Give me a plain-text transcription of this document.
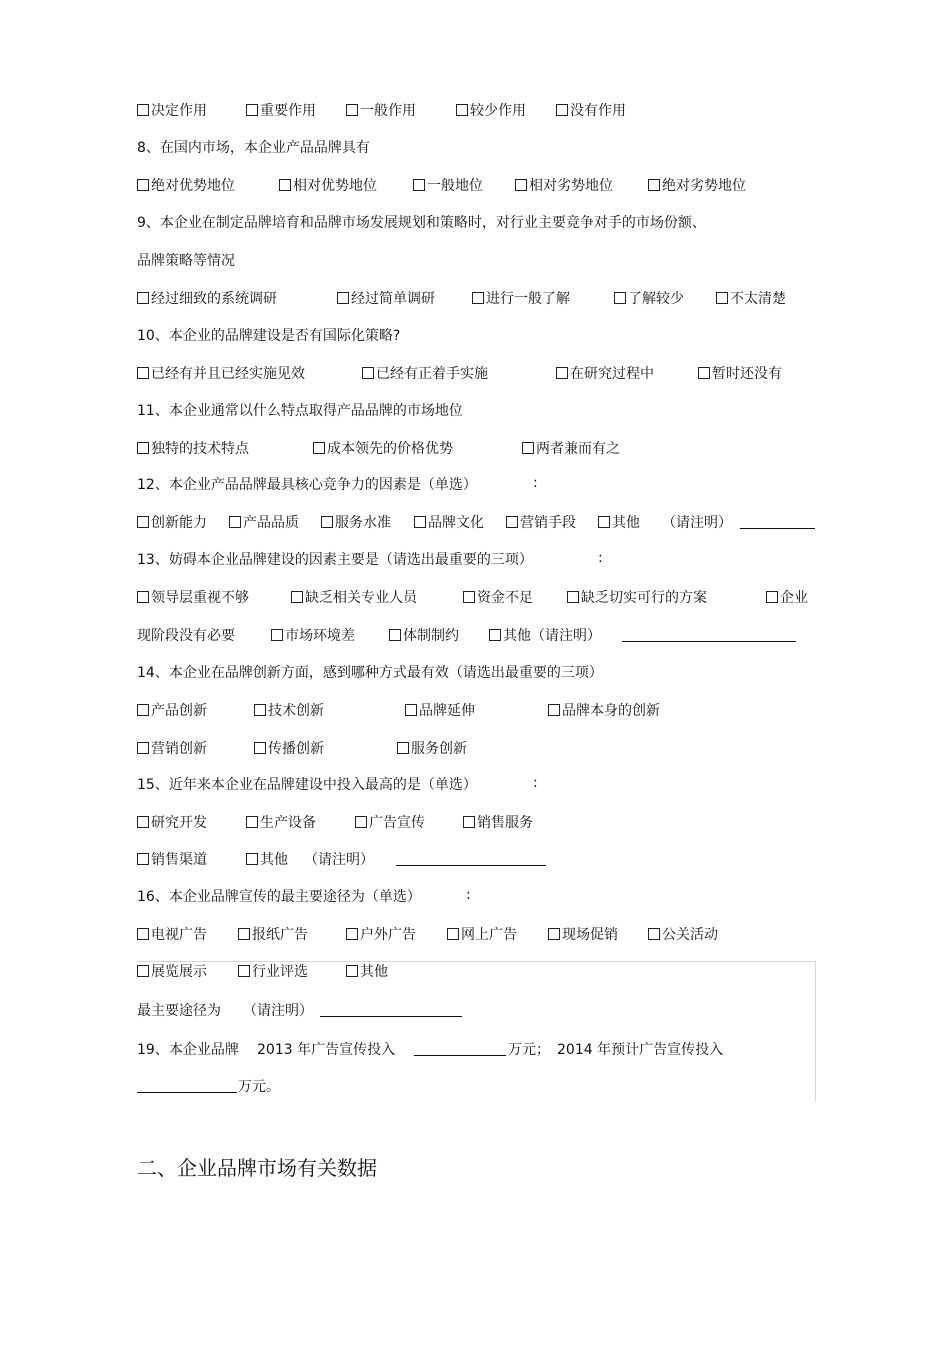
决定作用	重要作用	一般作用	较少作用	没有作用
8、在国内市场，本企业产品品牌具有
绝对优势地位	相对优势地位	一般地位	相对劣势地位	绝对劣势地位
9、本企业在制定品牌培育和品牌市场发展规划和策略时，对行业主要竞争对手的市场份额、
品牌策略等情况
经过细致的系统调研	经过简单调研	进行一般了解	了解较少	不太清楚
10、本企业的品牌建设是否有国际化策略?
已经有并且已经实施见效	已经有正着手实施	在研究过程中	暂时还没有
11、本企业通常以什么特点取得产品品牌的市场地位
独特的技术特点	成本领先的价格优势	两者兼而有之
12、本企业产品品牌最具核心竞争力的因素是（单选）	:
创新能力	产品品质	服务水准	品牌文化	营销手段	其他 （请注明）
13、妨碍本企业品牌建设的因素主要是（请选出最重要的三项）	:
领导层重视不够	缺乏相关专业人员	资金不足	缺乏切实可行的方案	企业
现阶段没有必要	市场环境差	体制制约	其他（请注明）
14、本企业在品牌创新方面，感到哪种方式最有效（请选出最重要的三项）
产品创新	技术创新	品牌延伸	品牌本身的创新
营销创新	传播创新	服务创新
15、近年来本企业在品牌建设中投入最高的是（单选）	:
研究开发	生产设备	广告宣传	销售服务
销售渠道	其他 （请注明）
16、本企业品牌宣传的最主要途径为（单选）	:
电视广告	报纸广告	户外广告	网上广告	现场促销	公关活动
展览展示	行业评选	其他
最主要途径为 （请注明）
19、本企业品牌 2013 年广告宣传投入	万元； 2014 年预计广告宣传投入
万元。
二、企业品牌市场有关数据
